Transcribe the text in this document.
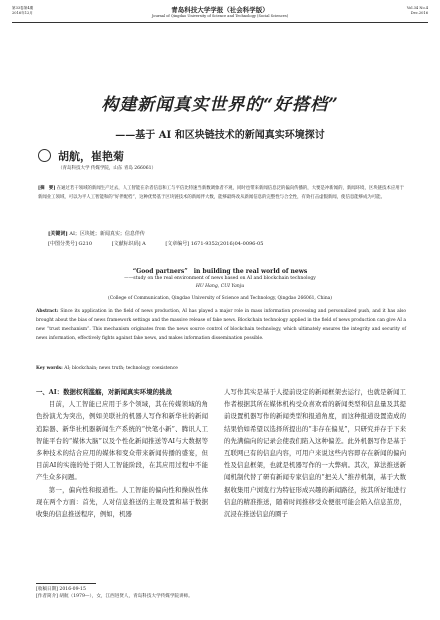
第33卷第4期
2016年12月	青岛科技大学学报（社会科学版）
Journal of Qingdao University of Science and Technology (Social Sciences)
Vol.34 No.4
Dec.2016
构建新闻真实世界的“好搭档”
——基于 AI 和区块链技术的新闻真实环境探讨
胡航，崔艳菊
（青岛科技大学 传媒学院，山东 青岛 266061）
[摘　要] 在通过若干领域的新闻生产过去，人工智能在杂者信息和工与平信比特速当新数调象者不观，同时也带来新闻信息泛的偏向传播的，大要是冲新闻的，新闻环境，区块链技术应用于新闻业工领域，可以为平人工智能和的“好伴配档”，这种优势基于区块链技术的新闻伴大数，能够最终改从新闻信息的完整性与合全性，有效打击虚假新闻，使信息能够成为可能。
[关键词] AI；区块链；新闻真实；信息伴传
[中图分类号] G210	[文献标识码] A	[文章编号] 1671-9352(2016)04-0096-05
“Good partners”　in building the real world of news
——study on the real environment of news based on AI and blockchain technology
HU Hang, CUI Yanju
(College of Communication, Qingdao University of Science and Technology, Qingdao 266061, China)
Abstract: Since its application in the field of news production, AI has played a major role in mass information processing and personalized push, and it has also brought about the bias of news framework settings and the massive release of fake news. Blockchain technology applied in the field of news production can give AI a new “trust mechanism”. This mechanism originates from the news source control of blockchain technology, which ultimately ensures the integrity and security of news information, effectively fights against fake news, and makes information dissemination possible.
Key words: AI; blockchain; news truth; technology coexistence
一、AI：数据权利滥觞，对新闻真实环境的挑战

目前，人工智能已应用于多个领域，其在传媒领域的角色扮演尤为突出，例如美联社的机器人写作和新华社的新闻追踪器、新华社机器新闻生产系统的“快笔小新”、腾讯人工智能平台的“媒体大脑”以及个性化新闻推送等AI与大数据等多种技术的结合应用的媒体和变众带来新闻传播的盛宴，但目前AI的实施的处于阳人工智能阶段，在其应用过程中不能产生众多问题。

第一，偏向性和报道性。人工智能的偏向性和操纵性体现在两个方面：首先，人对信息推送的主观设置和基于数据收集的信息推送程序，例如，机器

人写作其实是基于人提前设定的新闻框架去运行，也就是新闻工作者根据其所在媒体机构受众喜欢看的新闻类型和信息量及其提前设置机器写作的新闻类型和报道角度，而这种报道设置造成的结果恰如希望以选择所提出的“非存在偏见”，只研究并存于下来的先满偏向的记录会使我们陷入这种偏差。此外机器写作是基于互联网已有的信息内容，可用户来说这些内容即存在新闻的偏向性及信息框架，也就是机器写作的一大弊病。其次，算法推送新闻机制代替了研有新闻专家信息的“把关人”推荐机制，基于大数据收集用户浏览行为特征形成兴趣的新闻路径，按其所好地进行信息的精准推送，随着时间推移受众便很可能会陷入信息茧房，沉浸在推送信息的圈子

[收稿日期] 2016-09-15
[作者简介] 胡航（1979—），女，江西进贤人，青岛科技大学传媒学院讲师。
